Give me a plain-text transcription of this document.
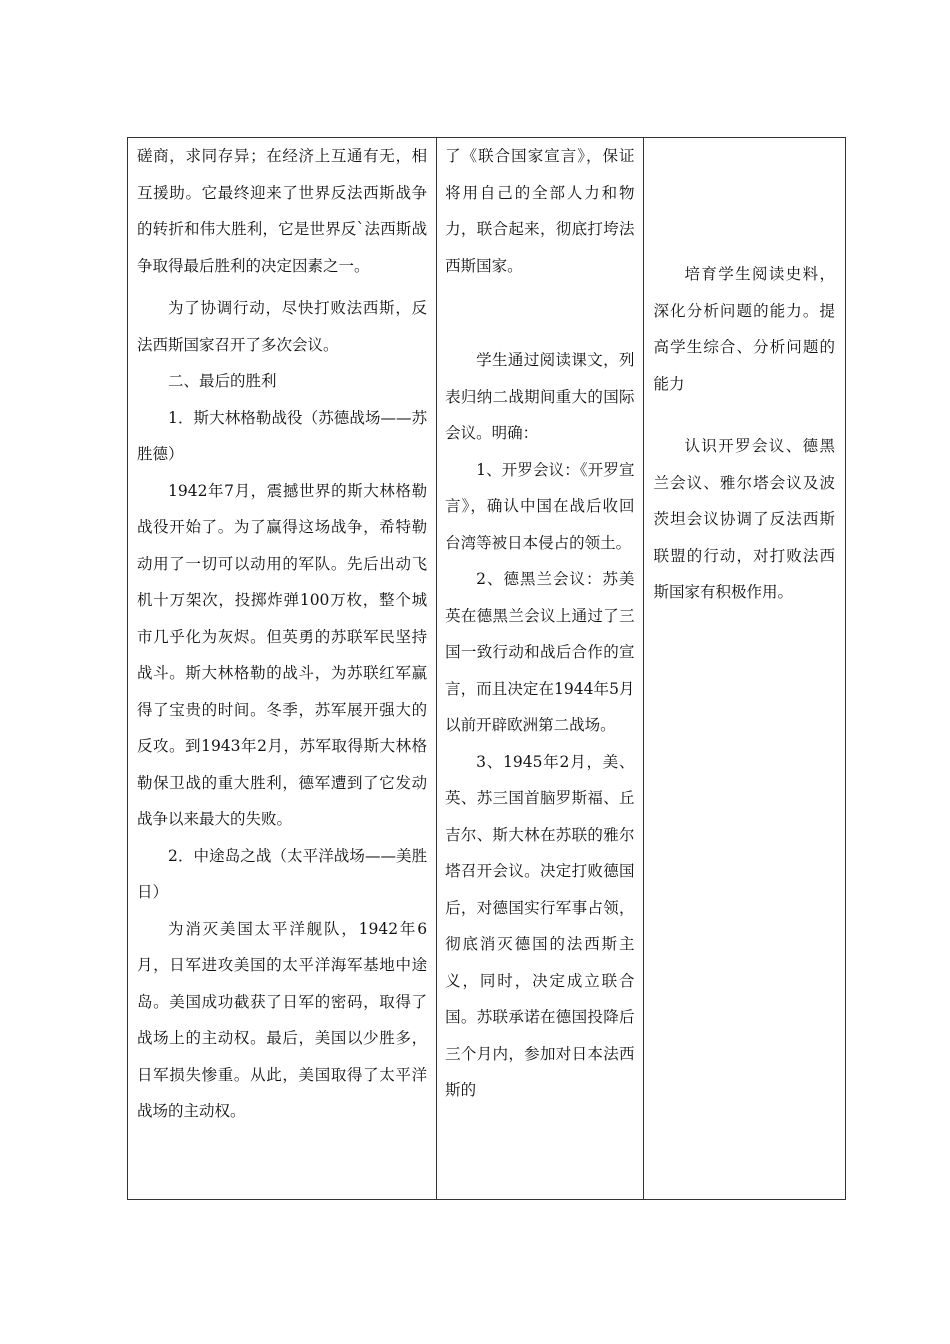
磋商，求同存异；在经济上互通有无，相互援助。它最终迎来了世界反法西斯战争的转折和伟大胜利，它是世界反`法西斯战争取得最后胜利的决定因素之一。

为了协调行动，尽快打败法西斯，反法西斯国家召开了多次会议。

二、最后的胜利

1．斯大林格勒战役（苏德战场——苏胜德）

1942年7月，震撼世界的斯大林格勒战役开始了。为了赢得这场战争，希特勒动用了一切可以动用的军队。先后出动飞机十万架次，投掷炸弹100万枚，整个城市几乎化为灰烬。但英勇的苏联军民坚持战斗。斯大林格勒的战斗，为苏联红军赢得了宝贵的时间。冬季，苏军展开强大的反攻。到1943年2月，苏军取得斯大林格勒保卫战的重大胜利，德军遭到了它发动战争以来最大的失败。

2．中途岛之战（太平洋战场——美胜日）

为消灭美国太平洋舰队，1942年6月，日军进攻美国的太平洋海军基地中途岛。美国成功截获了日军的密码，取得了战场上的主动权。最后，美国以少胜多，日军损失惨重。从此，美国取得了太平洋战场的主动权。

了《联合国家宣言》，保证将用自己的全部人力和物力，联合起来，彻底打垮法西斯国家。

学生通过阅读课文，列表归纳二战期间重大的国际会议。明确：

1、开罗会议：《开罗宣言》，确认中国在战后收回台湾等被日本侵占的领土。

2、德黑兰会议：苏美英在德黑兰会议上通过了三国一致行动和战后合作的宣言，而且决定在1944年5月以前开辟欧洲第二战场。

3、1945年2月，美、英、苏三国首脑罗斯福、丘吉尔、斯大林在苏联的雅尔塔召开会议。决定打败德国后，对德国实行军事占领，彻底消灭德国的法西斯主义，同时，决定成立联合国。苏联承诺在德国投降后三个月内，参加对日本法西斯的

培育学生阅读史料，深化分析问题的能力。提高学生综合、分析问题的能力

认识开罗会议、德黑兰会议、雅尔塔会议及波茨坦会议协调了反法西斯联盟的行动，对打败法西斯国家有积极作用。
